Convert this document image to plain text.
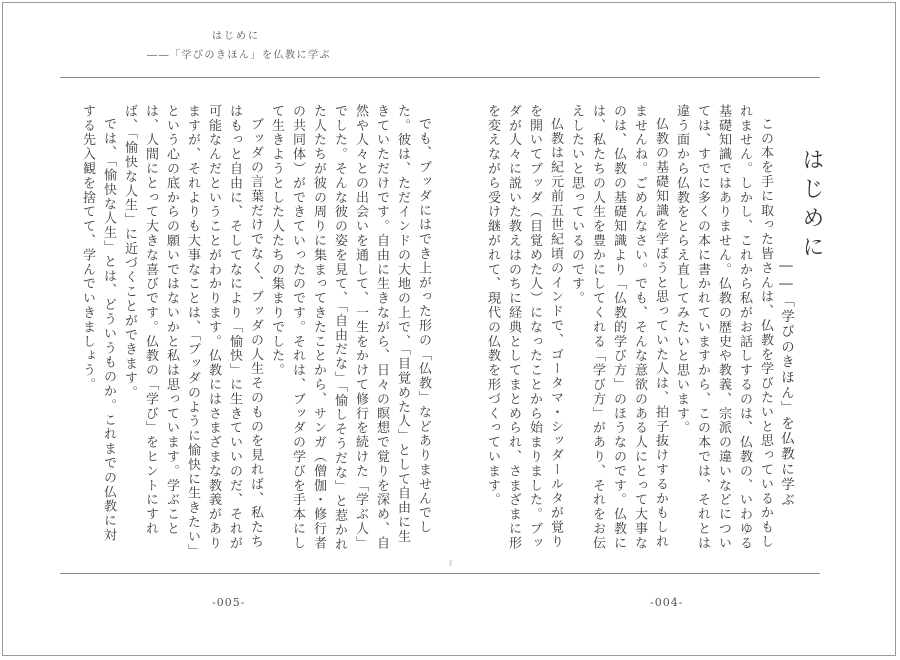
はじめに
――「学びのきほん」を仏教に学ぶ
はじめに
――「学びのきほん」を仏教に学ぶ
この本を手に取った皆さんは、仏教を学びたいと思っているかもしれません。しかし、これから私がお話しするのは、仏教の、いわゆる基礎知識ではありません。仏教の歴史や教義、宗派の違いなどについては、すでに多くの本に書かれていますから、この本では、それとは違う面から仏教をとらえ直してみたいと思います。
仏教の基礎知識を学ぼうと思っていた人は、拍子抜けするかもしれませんね。ごめんなさい。でも、そんな意欲のある人にとって大事なのは、仏教の基礎知識より「仏教的学び方」のほうなのです。仏教には、私たちの人生を豊かにしてくれる「学び方」があり、それをお伝えしたいと思っているのです。
仏教は紀元前五世紀頃のインドで、ゴータマ・シッダールタが覚りを開いてブッダ（目覚めた人）になったことから始まりました。ブッダが人々に説いた教えはのちに経典としてまとめられ、さまざまに形を変えながら受け継がれて、現代の仏教を形づくっています。
でも、ブッダにはでき上がった形の「仏教」などありませんでした。彼は、ただインドの大地の上で、「目覚めた人」として自由に生きていただけです。自由に生きながら、日々の瞑想で覚りを深め、自然や人々との出会いを通して、一生をかけて修行を続けた「学ぶ人」でした。そんな彼の姿を見て、「自由だな」「愉しそうだな」と惹かれた人たちが彼の周りに集まってきたことから、サンガ（僧伽・修行者の共同体）ができていったのです。それは、ブッダの学びを手本にして生きようとした人たちの集まりでした。
ブッダの言葉だけでなく、ブッダの人生そのものを見れば、私たちはもっと自由に、そしてなにより「愉快」に生きていいのだ、それが可能なんだということがわかります。仏教にはさまざまな教義がありますが、それよりも大事なことは、「ブッダのように愉快に生きたい」という心の底からの願いではないかと私は思っています。学ぶことは、人間にとって大きな喜びです。仏教の「学び」をヒントにすれば、「愉快な人生」に近づくことができます。
では、「愉快な人生」とは、どういうものか。これまでの仏教に対する先入観を捨てて、学んでいきましょう。
-005-	-004-
